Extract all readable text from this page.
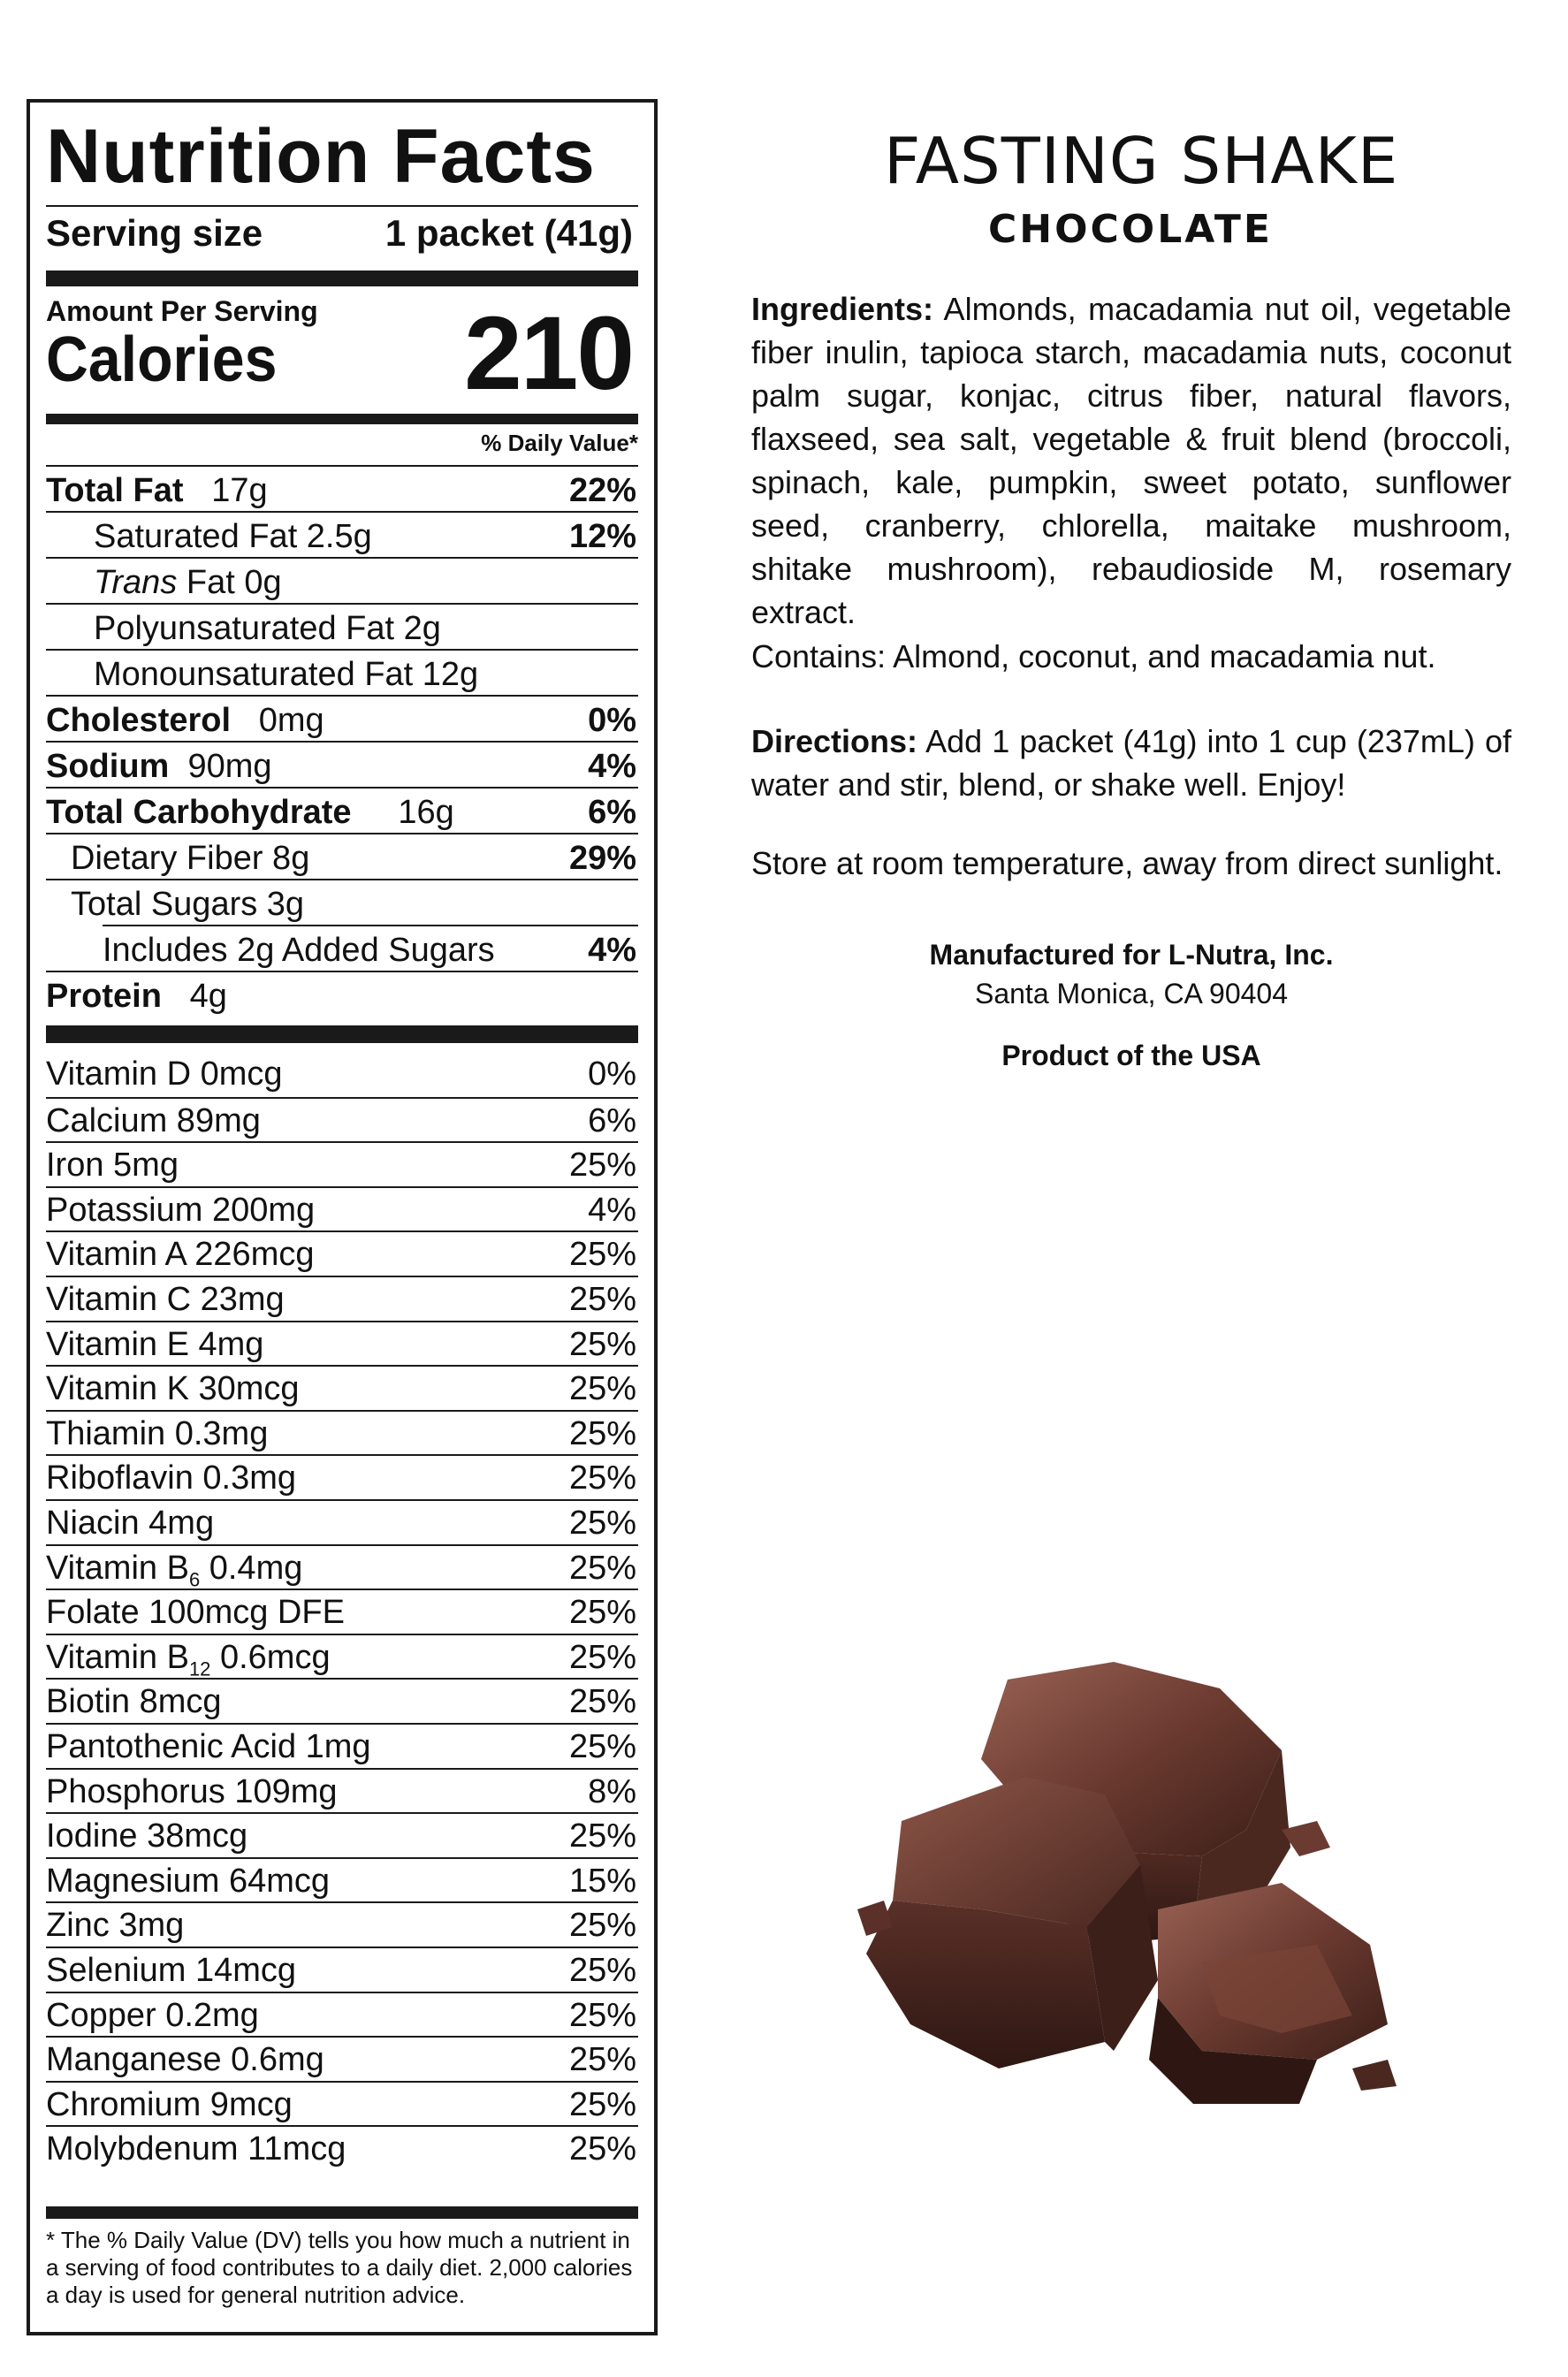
Nutrition Facts
Serving size	1 packet (41g)
Amount Per Serving
Calories 210
% Daily Value*
Total Fat 17g	22%
Saturated Fat 2.5g	12%
Trans Fat 0g
Polyunsaturated Fat 2g
Monounsaturated Fat 12g
Cholesterol 0mg	0%
Sodium 90mg	4%
Total Carbohydrate 16g	6%
Dietary Fiber 8g	29%
Total Sugars 3g
Includes 2g Added Sugars	4%
Protein 4g
Vitamin D 0mcg	0%
Calcium 89mg	6%
Iron 5mg	25%
Potassium 200mg	4%
Vitamin A 226mcg	25%
Vitamin C 23mg	25%
Vitamin E 4mg	25%
Vitamin K 30mcg	25%
Thiamin 0.3mg	25%
Riboflavin 0.3mg	25%
Niacin 4mg	25%
Vitamin $B_6$ 0.4mg	25%
Folate 100mcg DFE	25%
Vitamin $B_{12}$ 0.6mcg	25%
Biotin 8mcg	25%
Pantothenic Acid 1mg	25%
Phosphorus 109mg	8%
Iodine 38mcg	25%
Magnesium 64mcg	15%
Zinc 3mg	25%
Selenium 14mcg	25%
Copper 0.2mg	25%
Manganese 0.6mg	25%
Chromium 9mcg	25%
Molybdenum 11mcg	25%
* The % Daily Value (DV) tells you how much a nutrient in a serving of food contributes to a daily diet. 2,000 calories a day is used for general nutrition advice.
FASTING SHAKE
CHOCOLATE
Ingredients: Almonds, macadamia nut oil, vegetable fiber inulin, tapioca starch, macadamia nuts, coconut palm sugar, konjac, citrus fiber, natural flavors, flaxseed, sea salt, vegetable & fruit blend (broccoli, spinach, kale, pumpkin, sweet potato, sunflower seed, cranberry, chlorella, maitake mushroom, shitake mushroom), rebaudioside M, rosemary extract.
Contains: Almond, coconut, and macadamia nut.
Directions: Add 1 packet (41g) into 1 cup (237mL) of water and stir, blend, or shake well. Enjoy!
Store at room temperature, away from direct sunlight.
Manufactured for L-Nutra, Inc.
Santa Monica, CA 90404
Product of the USA
